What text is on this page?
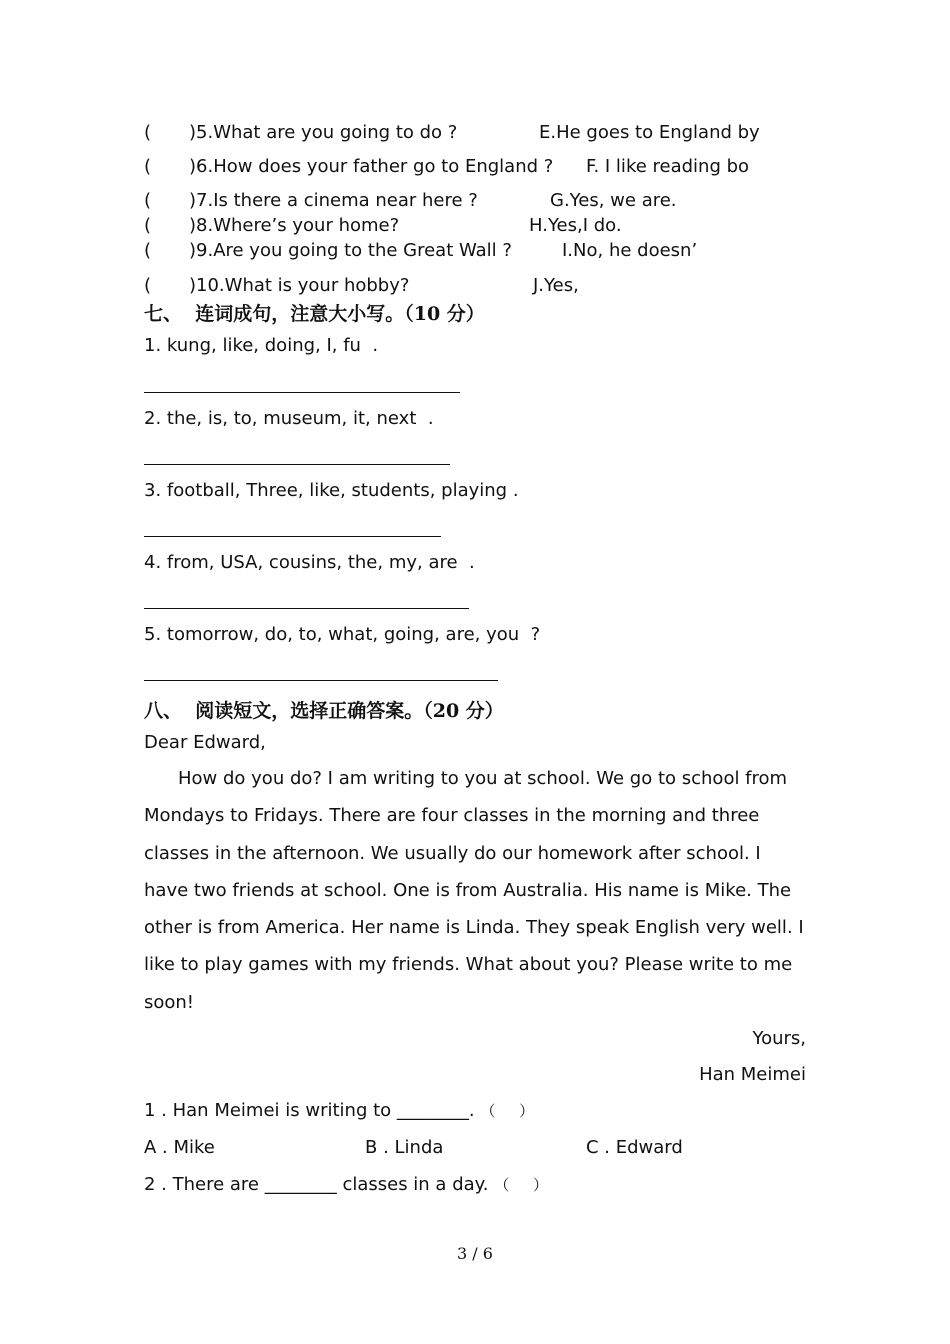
( )5.What are you going to do ?	E.He goes to England by
( )6.How does your father go to England ? F. I like reading bo
( )7.Is there a cinema near here ?	G.Yes, we are.
( )8.Where’s your home?	H.Yes,I do.
( )9.Are you going to the Great Wall ?	I.No, he doesn’
( )10.What is your hobby?	J.Yes,
七、  连词成句，注意大小写。（10 分）
1. kung, like, doing, I, fu  .
2. the, is, to, museum, it, next  .
3. football, Three, like, students, playing .
4. from, USA, cousins, the, my, are  .
5. tomorrow, do, to, what, going, are, you  ?
八、  阅读短文，选择正确答案。（20 分）
Dear Edward,
How do you do? I am writing to you at school. We go to school from Mondays to Fridays. There are four classes in the morning and three classes in the afternoon. We usually do our homework after school. I have two friends at school. One is from Australia. His name is Mike. The other is from America. Her name is Linda. They speak English very well. I like to play games with my friends. What about you? Please write to me soon!
Yours,
Han Meimei
1 . Han Meimei is writing to ________. （     ）
A . Mike	B . Linda	C . Edward
2 . There are ________ classes in a day. （     ）
3 / 6
